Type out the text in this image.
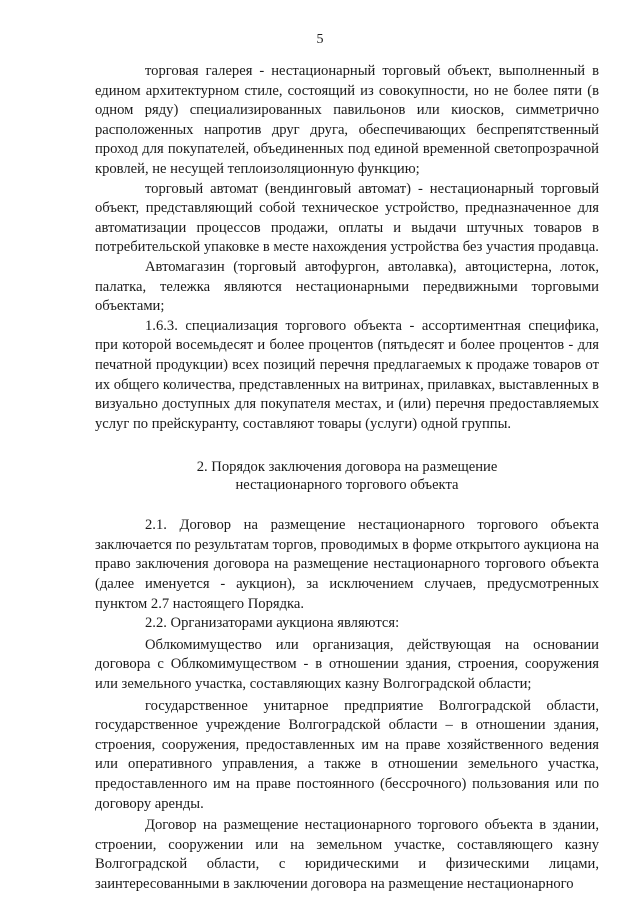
5

торговая галерея - нестационарный торговый объект, выполненный в едином архитектурном стиле, состоящий из совокупности, но не более пяти (в одном ряду) специализированных павильонов или киосков, симметрично расположенных напротив друг друга, обеспечивающих беспрепятственный проход для покупателей, объединенных под единой временной светопрозрачной кровлей, не несущей теплоизоляционную функцию;

торговый автомат (вендинговый автомат) - нестационарный торговый объект, представляющий собой техническое устройство, предназначенное для автоматизации процессов продажи, оплаты и выдачи штучных товаров в потребительской упаковке в месте нахождения устройства без участия продавца.

Автомагазин (торговый автофургон, автолавка), автоцистерна, лоток, палатка, тележка являются нестационарными передвижными торговыми объектами;

1.6.3. специализация торгового объекта - ассортиментная специфика, при которой восемьдесят и более процентов (пятьдесят и более процентов - для печатной продукции) всех позиций перечня предлагаемых к продаже товаров от их общего количества, представленных на витринах, прилавках, выставленных в визуально доступных для покупателя местах, и (или) перечня предоставляемых услуг по прейскуранту, составляют товары (услуги) одной группы.

2. Порядок заключения договора на размещение
нестационарного торгового объекта

2.1. Договор на размещение нестационарного торгового объекта заключается по результатам торгов, проводимых в форме открытого аукциона на право заключения договора на размещение нестационарного торгового объекта (далее именуется - аукцион), за исключением случаев, предусмотренных пунктом 2.7 настоящего Порядка.

2.2. Организаторами аукциона являются:

Облкомимущество или организация, действующая на основании договора с Облкомимуществом - в отношении здания, строения, сооружения или земельного участка, составляющих казну Волгоградской области;

государственное унитарное предприятие Волгоградской области, государственное учреждение Волгоградской области – в отношении здания, строения, сооружения, предоставленных им на праве хозяйственного ведения или оперативного управления, а также в отношении земельного участка, предоставленного им на праве постоянного (бессрочного) пользования или по договору аренды.

Договор на размещение нестационарного торгового объекта в здании, строении, сооружении или на земельном участке, составляющего казну Волгоградской области, с юридическими и физическими лицами, заинтересованными в заключении договора на размещение нестационарного
